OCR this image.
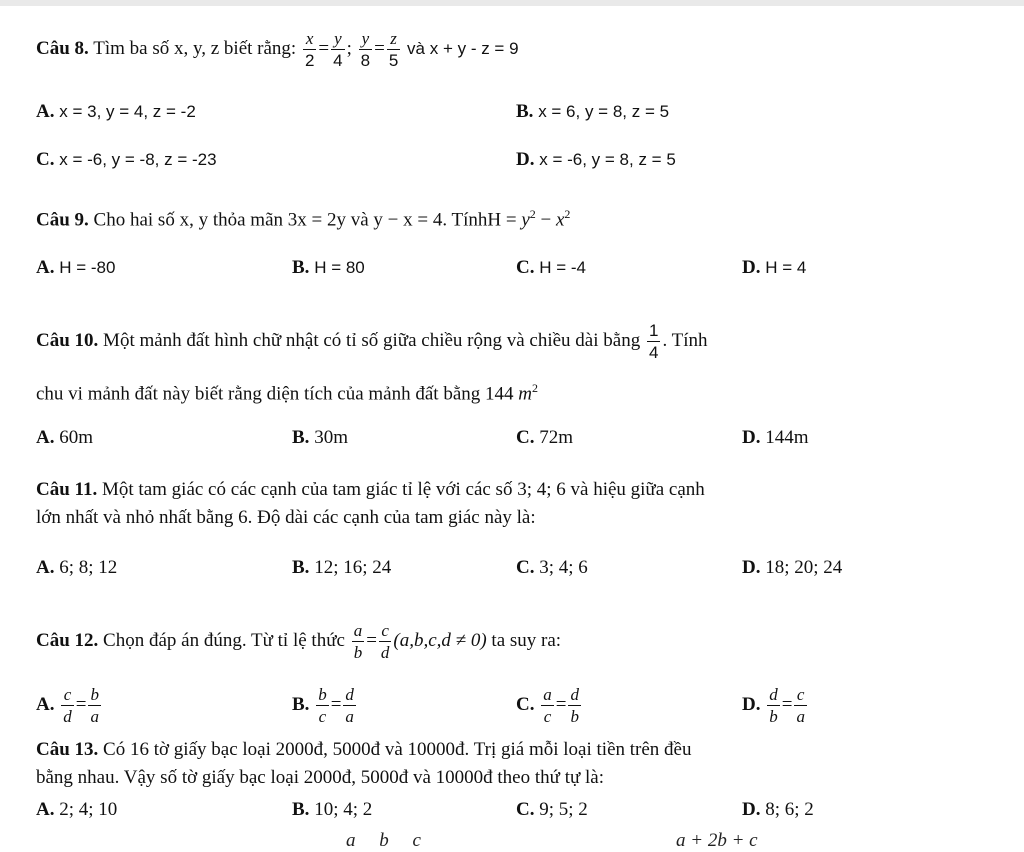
Câu 8. Tìm ba số x, y, z biết rằng: $\frac{x}{2} = \frac{y}{4}$ ; $\frac{y}{8} = \frac{z}{5}$ và x + y - z = 9
A. x = 3, y = 4, z = -2	B. x = 6, y = 8, z = 5
C. x = -6, y = -8, z = -23	D. x = -6, y = 8, z = 5
Câu 9. Cho hai số x, y thỏa mãn 3x = 2y và y − x = 4. TínhH = $y^2 - x^2$
A. H = -80	B. H = 80	C. H = -4	D. H = 4
Câu 10. Một mảnh đất hình chữ nhật có tỉ số giữa chiều rộng và chiều dài bằng $\frac{1}{4}$ . Tính
chu vi mảnh đất này biết rằng diện tích của mảnh đất bằng 144 $m^2$
A. 60m	B. 30m	C. 72m	D. 144m
Câu 11. Một tam giác có các cạnh của tam giác tỉ lệ với các số 3; 4; 6 và hiệu giữa cạnh
lớn nhất và nhỏ nhất bằng 6. Độ dài các cạnh của tam giác này là:
A. 6; 8; 12	B. 12; 16; 24	C. 3; 4; 6	D. 18; 20; 24
Câu 12. Chọn đáp án đúng. Từ tỉ lệ thức $\frac{a}{b} = \frac{c}{d} (a,b,c,d \ne 0)$ ta suy ra:
A. $\frac{c}{d} = \frac{b}{a}$	B. $\frac{b}{c} = \frac{d}{a}$	C. $\frac{a}{c} = \frac{d}{b}$	D. $\frac{d}{b} = \frac{c}{a}$
Câu 13. Có 16 tờ giấy bạc loại 2000đ, 5000đ và 10000đ. Trị giá mỗi loại tiền trên đều
bằng nhau. Vậy số tờ giấy bạc loại 2000đ, 5000đ và 10000đ theo thứ tự là:
A. 2; 4; 10	B. 10; 4; 2	C. 9; 5; 2	D. 8; 6; 2
a     b     c	a + 2b + c
